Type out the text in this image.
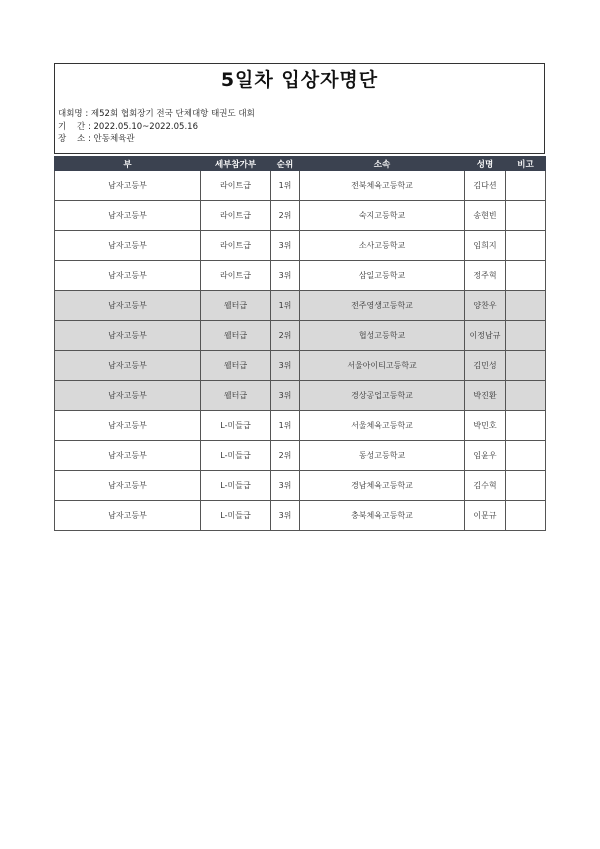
5일차 입상자명단
대회명 : 제52회 협회장기 전국 단체대항 태권도 대회
기    간 : 2022.05.10~2022.05.16
장    소 : 안동체육관
부	세부참가부	순위	소속	성명	비고
남자고등부	라이트급	1위	전북체육고등학교	김다션	
남자고등부	라이트급	2위	숙지고등학교	송현빈	
남자고등부	라이트급	3위	소사고등학교	임희지	
남자고등부	라이트급	3위	삼일고등학교	정주혁	
남자고등부	웰터급	1위	전주영생고등학교	양찬우	
남자고등부	웰터급	2위	협성고등학교	이정남규	
남자고등부	웰터급	3위	서울아이티고등학교	김민성	
남자고등부	웰터급	3위	경상공업고등학교	박진환	
남자고등부	L-미들급	1위	서울체육고등학교	박민호	
남자고등부	L-미들급	2위	동성고등학교	임윤우	
남자고등부	L-미들급	3위	경남체육고등학교	김수혁	
남자고등부	L-미들급	3위	충북체육고등학교	이문규	
